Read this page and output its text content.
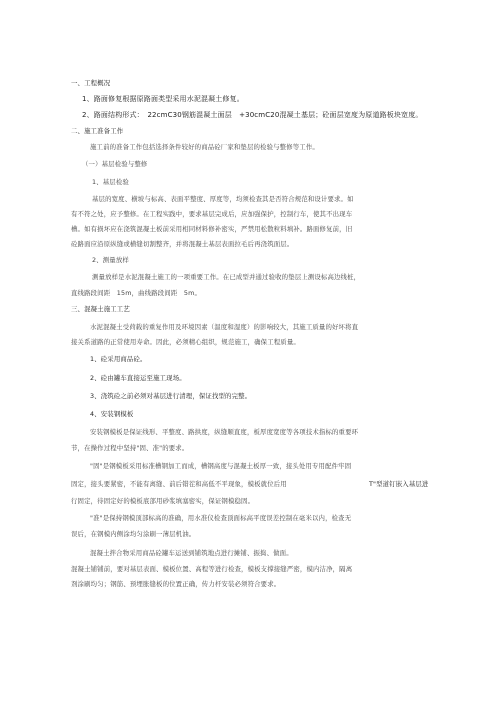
一、工程概况
1、路面修复根据原路面类型采用水泥混凝土修复。
2、路面结构形式：　22cmC30钢筋混凝土面层　+30cmC20混凝土基层；砼面层宽度为原道路板块宽度。
二、施工准备工作
施工前的准备工作包括选择条件较好的商品砼厂家和垫层的检验与整修等工作。
（一）基层检验与整修
1、基层检验
基层的宽度、横坡与标高、表面平整度、厚度等，均须检查其是否符合规范和设计要求。如
有不符之处，应予整修。在工程实践中，要求基层完成后，应加强保护，控制行车，使其不出现车
槽。如有损坏应在浇筑混凝土板前采用相同材料修补密实，严禁用松散粒料填补。路面修复前，旧
砼路面应沿原纵缝或横缝切割整齐，并将混凝土基层表面拉毛后再浇筑面层。
2、测量放样
测量放样是水泥混凝土施工的一项重要工作。在已成型并通过验收的垫层上测设标高边线桩，
直线路段间距　15m，曲线路段间距　5m。
三、混凝土施工工艺
水泥混凝土受荷载的重复作用及环境因素（温度和湿度）的影响较大，其施工质量的好坏将直
接关系道路的正常使用寿命。因此，必须精心组织，规范施工，确保工程质量。
1、砼采用商品砼。
2、砼由罐车直接运至施工现场。
3、浇筑砼之前必须对基层进行清理，保证找型的完整。
4、安装钢模板
安装钢模板是保证线形、平整度、路拱度，纵缝顺直度，板厚度宽度等各项技术指标的重要环
节，在操作过程中坚持"固、准"的要求。
"固"是钢模板采用标准槽钢加工而成，槽钢高度与混凝土板厚一致，接头处用专用配件牢固
固定，接头要紧密，不能有离缝、前后错茬和高低不平现象，模板就位后用	T"型道钉嵌入基层进
行固定，待固定好的模板底部用砂浆填塞密实，保证钢模稳固。
"准"是保持钢模顶部标高的准确，用水准仪检查顶面标高平度误差控制在毫米以内，检查无
误后，在钢模内侧涂均匀涂刷一薄层机油。
混凝土拌合物采用商品砼罐车运送到铺筑地点进行摊铺、振捣、做面。
混凝土铺铺前，要对基层表面、模板位置、高程等进行检查，模板支撑接缝严密，模内洁净，隔离
剂涂刷均匀；钢筋、预埋胀缝板的位置正确，传力杆安装必须符合要求。
